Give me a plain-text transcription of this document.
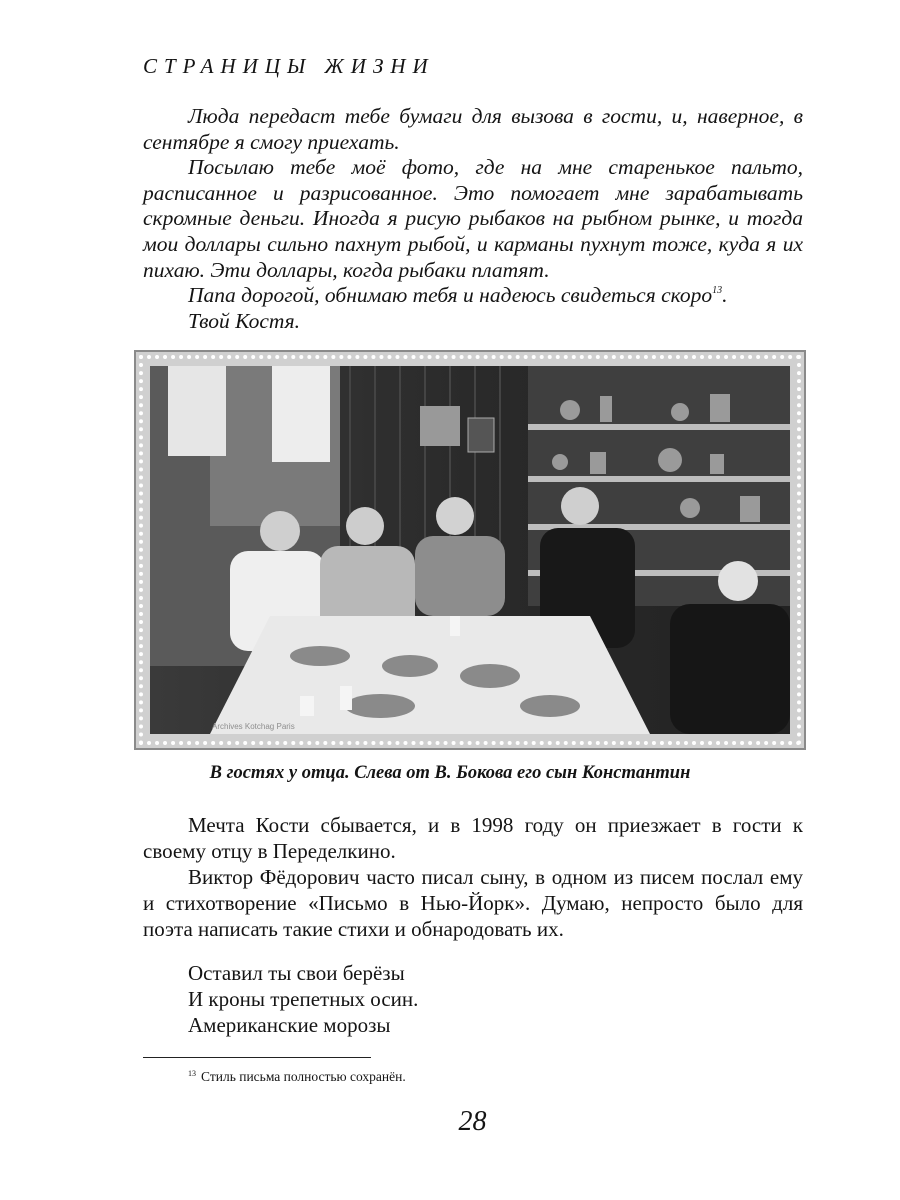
СТРАНИЦЫ ЖИЗНИ

Люда передаст тебе бумаги для вызова в гости, и, наверное, в сентябре я смогу приехать.

Посылаю тебе моё фото, где на мне старенькое пальто, расписанное и разрисованное. Это помогает мне зарабатывать скромные деньги. Иногда я рисую рыбаков на рыбном рынке, и тогда мои доллары сильно пахнут рыбой, и карманы пухнут тоже, куда я их пихаю. Эти доллары, когда рыбаки платят.

Папа дорогой, обнимаю тебя и надеюсь свидеться скоро$^{13}$.

Твой Костя.

Archives Kotchag Paris
В гостях у отца. Слева от В. Бокова его сын Константин

Мечта Кости сбывается, и в 1998 году он приезжает в гости к своему отцу в Переделкино.

Виктор Фёдорович часто писал сыну, в одном из писем послал ему и стихотворение «Письмо в Нью-Йорк». Думаю, непросто было для поэта написать такие стихи и обнародовать их.

Оставил ты свои берёзы
И кроны трепетных осин.
Американские морозы
$^{13}$ Стиль письма полностью сохранён.
28
